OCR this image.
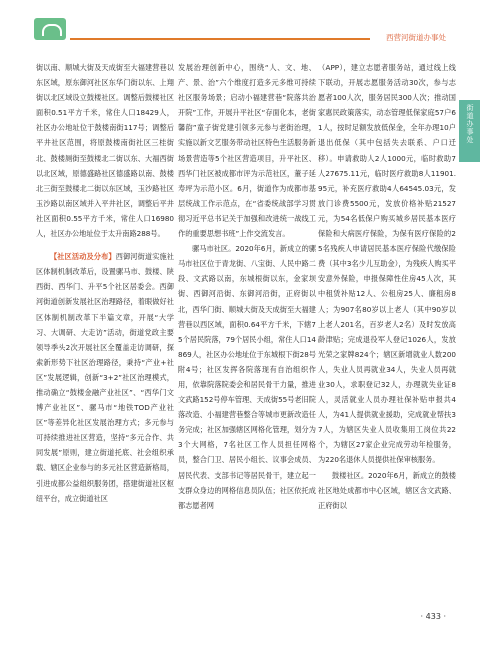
西营河街道办事处
街道办事处

街以南、顺城大街及天成街至大福建营巷以东区域，原东御河社区东华门街以东、上翔街以北区域设立鼓楼社区。调整后鼓楼社区面积0.51平方千米，常住人口18429人，社区办公地址位于鼓楼南街117号；调整后平井社区范围，将原鼓楼南街社区三桂街北、鼓楼厕街至鼓楼北二街以东、大福西街以北区域，原德盛路社区德盛路以南、鼓楼北三街至鼓楼北二街以东区域，玉沙路社区玉沙路以南区域并入平井社区，调整后平井社区面积0.55平方千米，常住人口16980人，社区办公地址位于太升南路288号。

【社区活动及分布】西御河街道实施社区体制机制改革后，设置骡马市、鼓楼、陕西街、西华门、升平5个社区居委会。西御河街道创新发展社区治理路径，着眼做好社区体制机制改革下半篇文章，开展“大学习、大调研、大走访”活动，街道党政主要领导季头2次开展社区全覆盖走访调研，探索新形势下社区治理路径，秉持“产业+社区”发展逻辑，创新“3+2”社区治理模式，推动确立“鼓楼金融产业社区”、“西华门文博产业社区”、骡马市“地铁TOD产业社区”等差异化社区发展治理方式；多元参与可持续推进社区营造，坚持“多元合作、共同发展”原则，建立街道托底、社会组织承载、辖区企业参与的多元社区营造新格局，引进成都公益组织服务团，搭建街道社区枢纽平台，成立街道社区

发展治理创新中心，围绕“人、文、地、产、景、治”六个维度打造多元多维可持续社区服务场景；启动小福建营巷“院落共治开院”工作，开展升平社区“存面化本，老街馨韵”童子街党建引领多元参与老街治理，实施以新文艺服务带动社区特色生活服务新场景营造等5个社区营造项目，升平社区、西华门社区被成都市评为示范社区，董子延寿坪为示范小区。6月，街道作为成都市基层统战工作示范点，在“省委统战部学习贯彻习近平总书记关于加强和改进统一战线工作的重要思想书班”上作交流发言。

骡马市社区。2020年6月，新成立的骡马市社区位于青龙街、八宝街、人民中路二段、文武路以南，东城根街以东，金家坝街、西御河沿街、东御河沿街，正府街以北，西华门街、顺城大街及天成街至大福建营巷以西区域，面积0.64平方千米，下辖75个居民院落，79个居民小组，常住人口14869人，社区办公地址位于东城根下街28号附4号；社区发挥各院落现有自治组织作用，依靠院落院委会和居民骨干力量，推进文武路152号停车管理、天成街55号老旧院落改造、小福建营巷整合等城市更新改造任务完成；社区加强辖区网格化管理，划分为3个大网格，7名社区工作人员担任网格员，整合门卫、居民小组长、议事会成员、居民代表、支部书记等居民骨干，建立起一支群众身边的网格信息员队伍；社区依托成都志愿者网

（APP），建立志愿者服务站，通过线上线下联动，开展志愿服务活动30次，参与志愿者100人次，服务居民300人次；推动国家惠民政策落实，动态管理低保家庭57户61人，按时足额发放低保金，全年办理10户退出低保（其中包括失去联系、户口迁移）。申请救助人2人1000元，临时救助7人27675.11元，临时医疗救助8人11901.95元，补充医疗救助4人64545.03元，发放门诊费5500元，发放价格补贴21527元，为54名低保户购买城乡居民基本医疗保险和大病医疗保险，为保有医疗保险的25名残疾人申请居民基本医疗保险代缴保险费（其中3名少儿互助金），为残疾人购买平安意外保险，申报保障性住房45人次，其中租赁补贴12人、公租房25人、廉租房8人；为907名80岁以上老人（其中90岁以上老人201名，百岁老人2名）及时发放高龄津贴；完成退役军人登记1026人，发放光荣之家牌824个；辖区新增就业人数200人，失业人员再就业34人，失业人员再就业30人，求职登记32人，办理就失业证8人，灵活就业人员办理社保补贴申报共4人，为41人提供就业援助，完成就业帮扶37人，为辖区失业人员收集用工岗位共22个，为辖区27家企业完成劳动年检服务，为220名退休人员提供社保审核服务。

鼓楼社区。2020年6月，新成立的鼓楼社区地处成都市中心区域，辖区含文武路、正府街以

· 433 ·
